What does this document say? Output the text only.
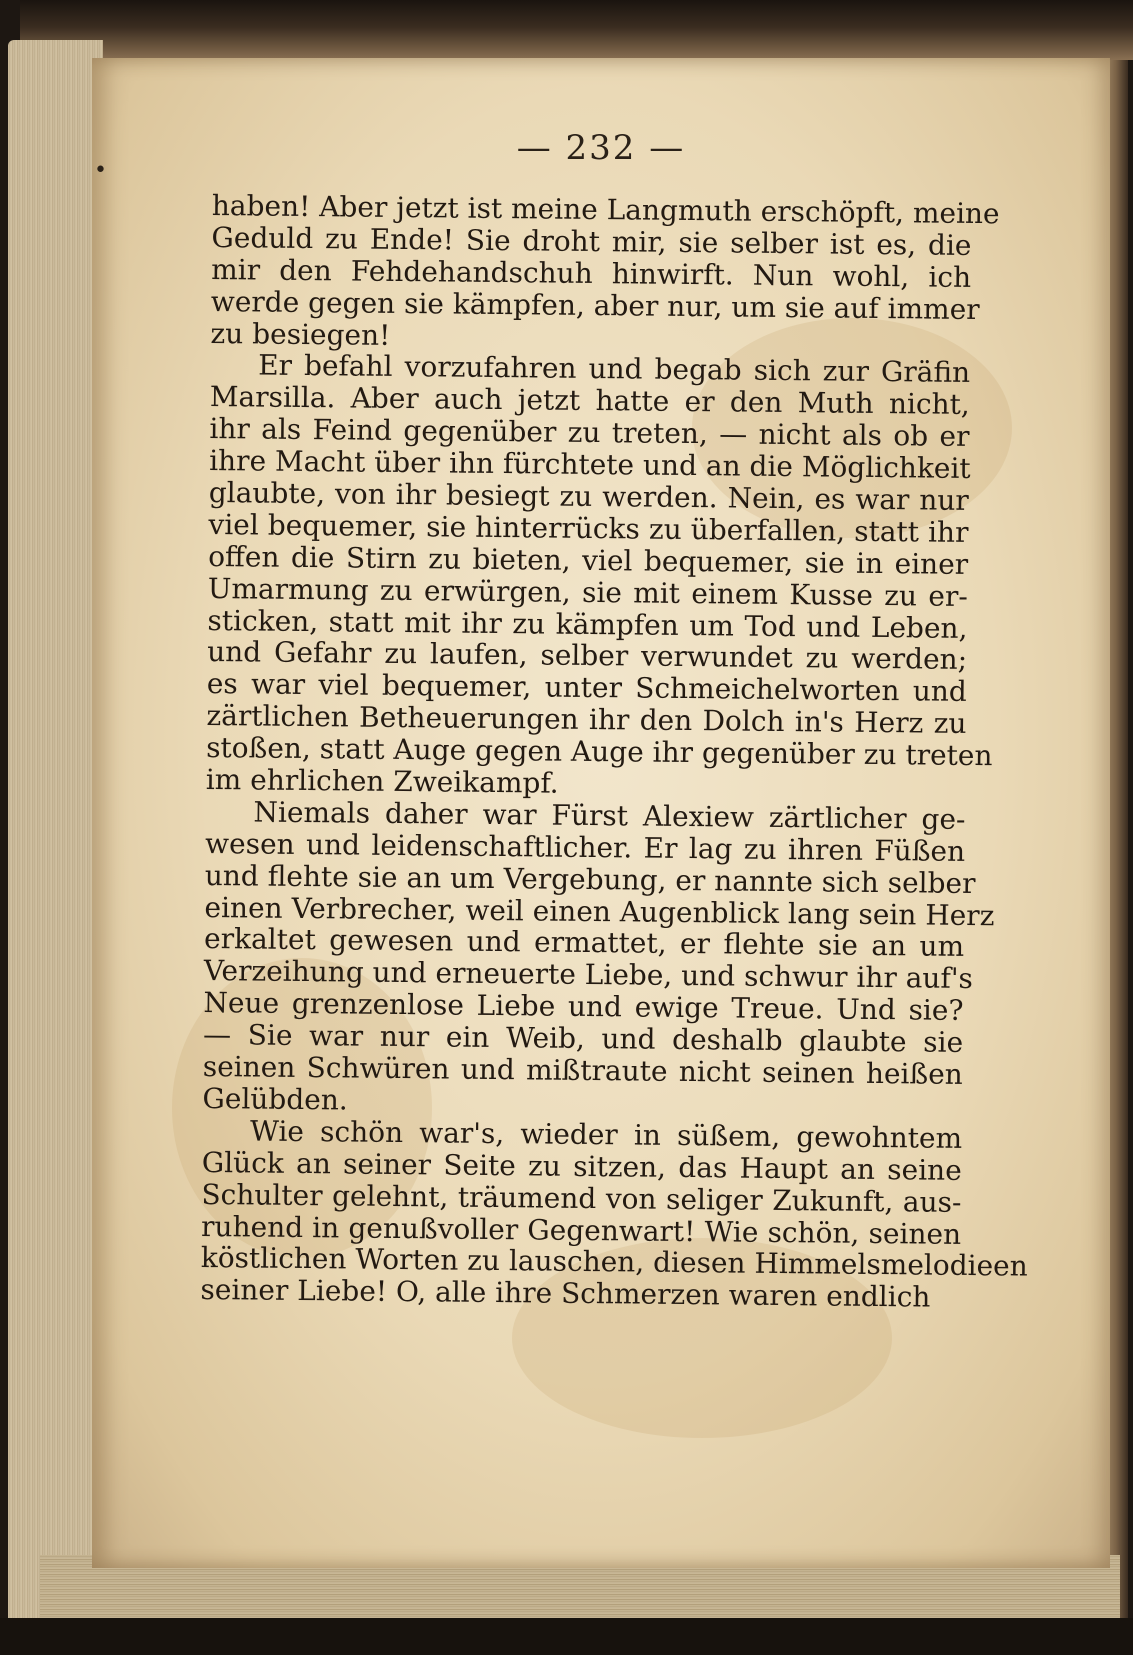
•
— 232 —
haben! Aber jetzt ist meine Langmuth erschöpft, meine
Geduld zu Ende! Sie droht mir, sie selber ist es, die
mir den Fehdehandschuh hinwirft. Nun wohl, ich
werde gegen sie kämpfen, aber nur, um sie auf immer
zu besiegen!
Er befahl vorzufahren und begab sich zur Gräfin
Marsilla. Aber auch jetzt hatte er den Muth nicht,
ihr als Feind gegenüber zu treten, — nicht als ob er
ihre Macht über ihn fürchtete und an die Möglichkeit
glaubte, von ihr besiegt zu werden. Nein, es war nur
viel bequemer, sie hinterrücks zu überfallen, statt ihr
offen die Stirn zu bieten, viel bequemer, sie in einer
Umarmung zu erwürgen, sie mit einem Kusse zu er-
sticken, statt mit ihr zu kämpfen um Tod und Leben,
und Gefahr zu laufen, selber verwundet zu werden;
es war viel bequemer, unter Schmeichelworten und
zärtlichen Betheuerungen ihr den Dolch in's Herz zu
stoßen, statt Auge gegen Auge ihr gegenüber zu treten
im ehrlichen Zweikampf.
Niemals daher war Fürst Alexiew zärtlicher ge-
wesen und leidenschaftlicher. Er lag zu ihren Füßen
und flehte sie an um Vergebung, er nannte sich selber
einen Verbrecher, weil einen Augenblick lang sein Herz
erkaltet gewesen und ermattet, er flehte sie an um
Verzeihung und erneuerte Liebe, und schwur ihr auf's
Neue grenzenlose Liebe und ewige Treue. Und sie?
— Sie war nur ein Weib, und deshalb glaubte sie
seinen Schwüren und mißtraute nicht seinen heißen
Gelübden.
Wie schön war's, wieder in süßem, gewohntem
Glück an seiner Seite zu sitzen, das Haupt an seine
Schulter gelehnt, träumend von seliger Zukunft, aus-
ruhend in genußvoller Gegenwart! Wie schön, seinen
köstlichen Worten zu lauschen, diesen Himmelsmelodieen
seiner Liebe! O, alle ihre Schmerzen waren endlich
